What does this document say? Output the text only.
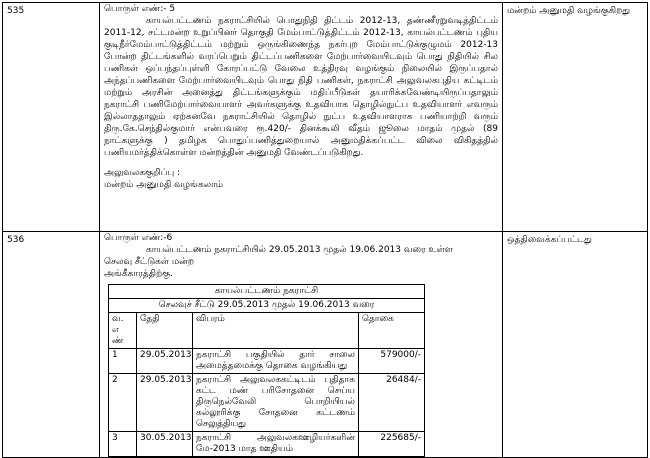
535	பொருள் எண்:- 5
காயல்பட்டணம் நகராட்சியில் பொதுநிதி திட்டம் 2012-13, தண்ணீரறுவடித்திட்டம் 2011-12, சட்டமன்ற உறுப்பினர் தொகுதி மேம்பாட்டுத்திட்டம் 2012-13, காயல்பட்டணம் புதிய குடிநீர்மேம்பாட்டுத்திட்டம் மற்றும் ஒருங்கிணைந்த நகர்புற மேம்பாட்டுக்குழுமம் 2012-13 போன்ற திட்டங்களில் வரப்பெறும் திட்டப்பணிகளை மேற்பார்வையிடவும் பொது நிதியில் சில பணிகள் ஒப்பந்தப்புள்ளி கோரப்பட்டு வேலை உத்திரவு வழங்கும் நிலையில் இருப்பதால் அந்தப்பணிகளை மேற்பார்வையிடவும் பொது நிதி பணிகள், நகராட்சி அலுவலகபுதிய கட்டிடம் மற்றும் அரசின் அனைத்து திட்டங்களுக்கும் மதிப்பீடுகள் தயாரிக்கவேண்டியிருப்பதாலும் நகராட்சி பணிமேற்பார்வையாளர் அவர்களுக்கு உதவியாக தொழில்நுட்ப உதவியாளர் எவரும் இல்லாததாலும் ஏற்கனவே நகராட்சியில் தொழில் நுட்ப உதவியாளராக பணியாற்றி வரும் திரு.கே.செந்தில்குமார் என்பவரை ரூ.420/- தினக்கூலி வீதம் ஜூலை மாதம் முதல் (89 நாட்களுக்கு ) தமிழக பொதுப்பணித்துறையால் அனுமதிக்கப்பட்ட விலை விகிதத்தில் பணியமர்த்திக்கொள்ள மன்றத்தின் அனுமதி வேண்டப்படுகிறது.
அலுவலககுறிப்பு :
மன்றம் அனுமதி வழங்கலாம்
	மன்றம் அனுமதி வழங்குகிறது
536	பொருள் எண்:-6
காயல்பட்டணம் நகராட்சியில் 29.05.2013 முதல் 19.06.2013 வரை உள்ள
செலவு சீட்டுகள் மன்ற
அங்கீகாரத்திற்கு.
காயல்பட்டணம் நகராட்சி
செலவுச் சீட்டு 29.05.2013 முதல் 19.06.2013 வரை

வ.
எ
ண்
	தேதி	விபரம்	தொகை
1	29.05.2013	நகராட்சி பகுதியில் தார் சாலை அமைத்தமைக்கு தொகை வழங்கியது	579000/-
2	29.05.2013	நகராட்சி அலுவலககட்டிடம் புதிதாக கட்ட மண் பரிசோதனை செய்ய திருநெல்வேலி பொறியியல் கல்லூரிக்கு சோதனை கட்டணம் செலுத்தியது	26484/-
3	30.05.2013	நகராட்சி அலுவலகஊழியர்களின் மே-2013 மாத ஊதியம்	225685/-
	ஒத்திவைக்கப்பட்டது
